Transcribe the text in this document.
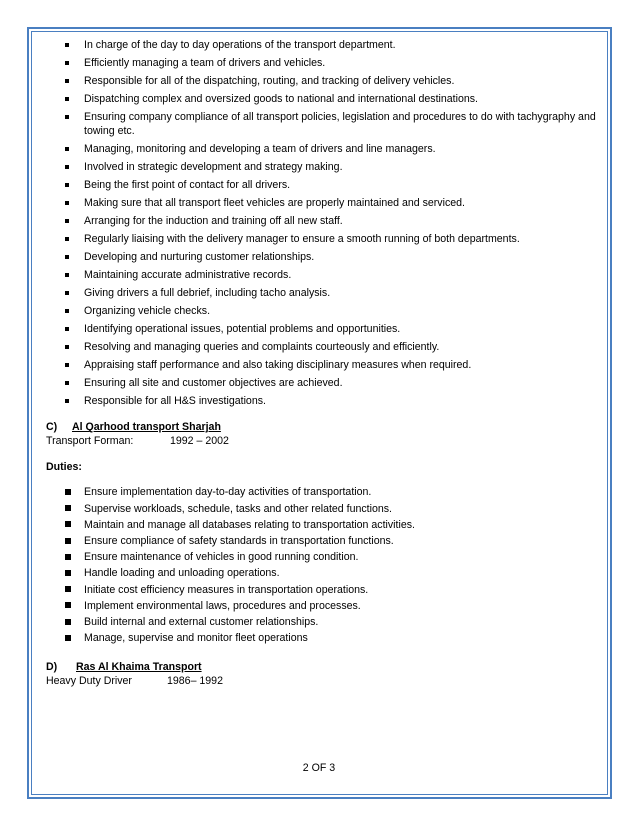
In charge of the day to day operations of the transport department.
Efficiently managing a team of drivers and vehicles.
Responsible for all of the dispatching, routing, and tracking of delivery vehicles.
Dispatching complex and oversized goods to national and international destinations.
Ensuring company compliance of all transport policies, legislation and procedures to do with tachygraphy and towing etc.
Managing, monitoring and developing a team of drivers and line managers.
Involved in strategic development and strategy making.
Being the first point of contact for all drivers.
Making sure that all transport fleet vehicles are properly maintained and serviced.
Arranging for the induction and training off all new staff.
Regularly liaising with the delivery manager to ensure a smooth running of both departments.
Developing and nurturing customer relationships.
Maintaining accurate administrative records.
Giving drivers a full debrief, including tacho analysis.
Organizing vehicle checks.
Identifying operational issues, potential problems and opportunities.
Resolving and managing queries and complaints courteously and efficiently.
Appraising staff performance and also taking disciplinary measures when required.
Ensuring all site and customer objectives are achieved.
Responsible for all H&S investigations.
C) Al Qarhood transport Sharjah
Transport Forman:	1992 – 2002
Duties:
Ensure implementation day-to-day activities of transportation.
Supervise workloads, schedule, tasks and other related functions.
Maintain and manage all databases relating to transportation activities.
Ensure compliance of safety standards in transportation functions.
Ensure maintenance of vehicles in good running condition.
Handle loading and unloading operations.
Initiate cost efficiency measures in transportation operations.
Implement environmental laws, procedures and processes.
Build internal and external customer relationships.
Manage, supervise and monitor fleet operations
D) Ras Al Khaima Transport
Heavy Duty Driver	1986– 1992
2 OF 3
